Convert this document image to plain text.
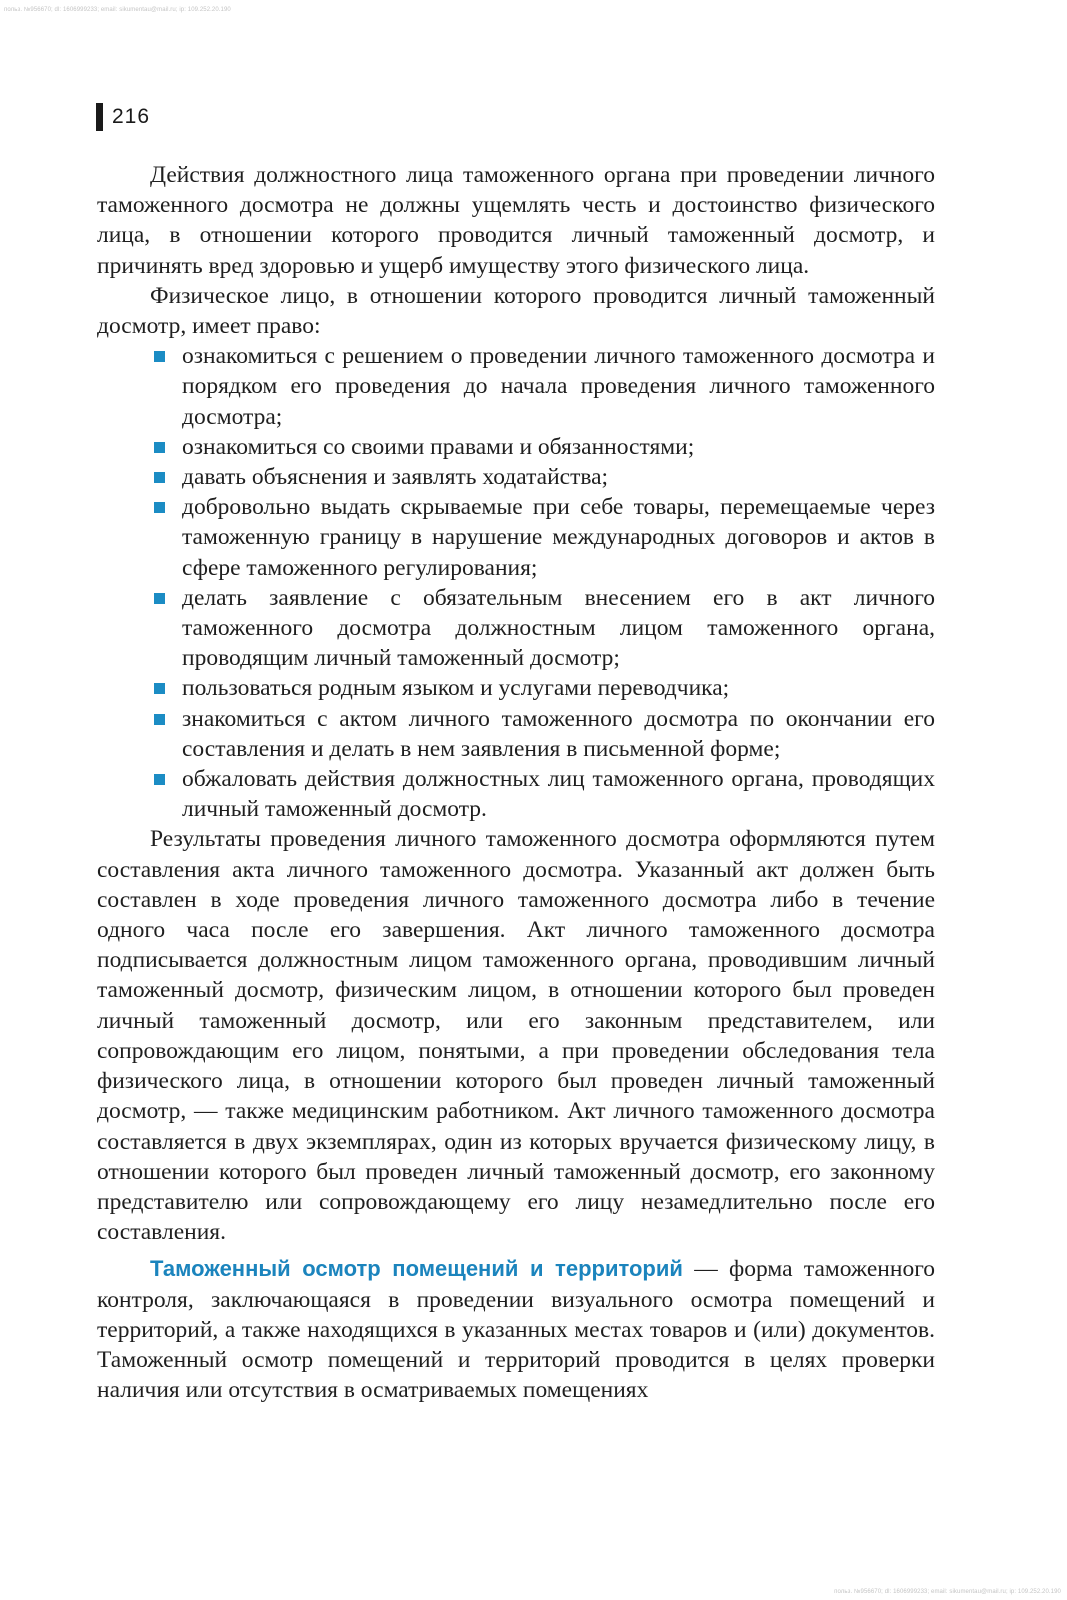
польз. №956670; dl: 1606999233; email: sikumentau@mail.ru; ip: 109.252.20.190
216

Действия должностного лица таможенного органа при проведении личного таможенного досмотра не должны ущемлять честь и достоинство физического лица, в отношении которого проводится личный таможенный досмотр, и причинять вред здоровью и ущерб имуществу этого физического лица.

Физическое лицо, в отношении которого проводится личный таможенный досмотр, имеет право:

ознакомиться с решением о проведении личного таможенного досмотра и порядком его проведения до начала проведения личного таможенного досмотра;
ознакомиться со своими правами и обязанностями;
давать объяснения и заявлять ходатайства;
добровольно выдать скрываемые при себе товары, перемещаемые через таможенную границу в нарушение международных договоров и актов в сфере таможенного регулирования;
делать заявление с обязательным внесением его в акт личного таможенного досмотра должностным лицом таможенного органа, проводящим личный таможенный досмотр;
пользоваться родным языком и услугами переводчика;
знакомиться с актом личного таможенного досмотра по окончании его составления и делать в нем заявления в письменной форме;
обжаловать действия должностных лиц таможенного органа, проводящих личный таможенный досмотр.

Результаты проведения личного таможенного досмотра оформляются путем составления акта личного таможенного досмотра. Указанный акт должен быть составлен в ходе проведения личного таможенного досмотра либо в течение одного часа после его завершения. Акт личного таможенного досмотра подписывается должностным лицом таможенного органа, проводившим личный таможенный досмотр, физическим лицом, в отношении которого был проведен личный таможенный досмотр, или его законным представителем, или сопровождающим его лицом, понятыми, а при проведении обследования тела физического лица, в отношении которого был проведен личный таможенный досмотр, — также медицинским работником. Акт личного таможенного досмотра составляется в двух экземплярах, один из которых вручается физическому лицу, в отношении которого был проведен личный таможенный досмотр, его законному представителю или сопровождающему его лицу незамедлительно после его составления.

Таможенный осмотр помещений и территорий — форма таможенного контроля, заключающаяся в проведении визуального осмотра помещений и территорий, а также находящихся в указанных местах товаров и (или) документов. Таможенный осмотр помещений и территорий проводится в целях проверки наличия или отсутствия в осматриваемых помещениях

польз. №956670; dl: 1606999233; email: sikumentau@mail.ru; ip: 109.252.20.190
